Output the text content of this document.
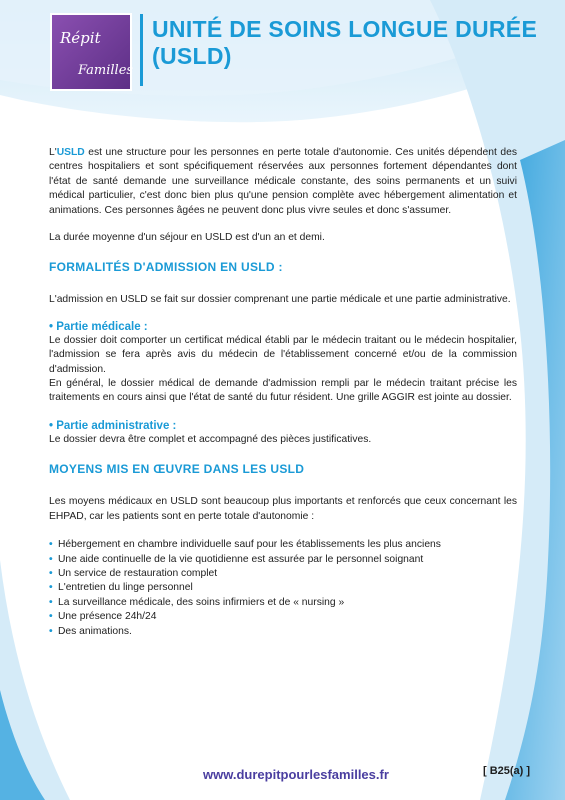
Répit
Familles
UNITÉ DE SOINS LONGUE DURÉE (USLD)

L'USLD est une structure pour les personnes en perte totale d'autonomie. Ces unités dépendent des centres hospitaliers et sont spécifiquement réservées aux personnes fortement dépendantes dont l'état de santé demande une surveillance médicale constante, des soins permanents et un suivi médical particulier, c'est donc bien plus qu'une pension complète avec hébergement alimentation et animations. Ces personnes âgées ne peuvent donc plus vivre seules et donc s'assumer.

La durée moyenne d'un séjour en USLD est d'un an et demi.

FORMALITÉS D'ADMISSION EN USLD :

L'admission en USLD se fait sur dossier comprenant une partie médicale et une partie administrative.

• Partie médicale :

Le dossier doit comporter un certificat médical établi par le médecin traitant ou le médecin hospitalier, l'admission se fera après avis du médecin de l'établissement concerné et/ou de la commission d'admission.

En général, le dossier médical de demande d'admission rempli par le médecin traitant précise les traitements en cours ainsi que l'état de santé du futur résident. Une grille AGGIR est jointe au dossier.

• Partie administrative :

Le dossier devra être complet et accompagné des pièces justificatives.

MOYENS MIS EN ŒUVRE DANS LES USLD

Les moyens médicaux en USLD sont beaucoup plus importants et renforcés que ceux concernant les EHPAD, car les patients sont en perte totale d'autonomie :

• Hébergement en chambre individuelle sauf pour les établissements les plus anciens
• Une aide continuelle de la vie quotidienne est assurée par le personnel soignant
• Un service de restauration complet
• L'entretien du linge personnel
• La surveillance médicale, des soins infirmiers et de « nursing »
• Une présence 24h/24
• Des animations.
www.durepitpourlesfamilles.fr	[ B25(a) ]
